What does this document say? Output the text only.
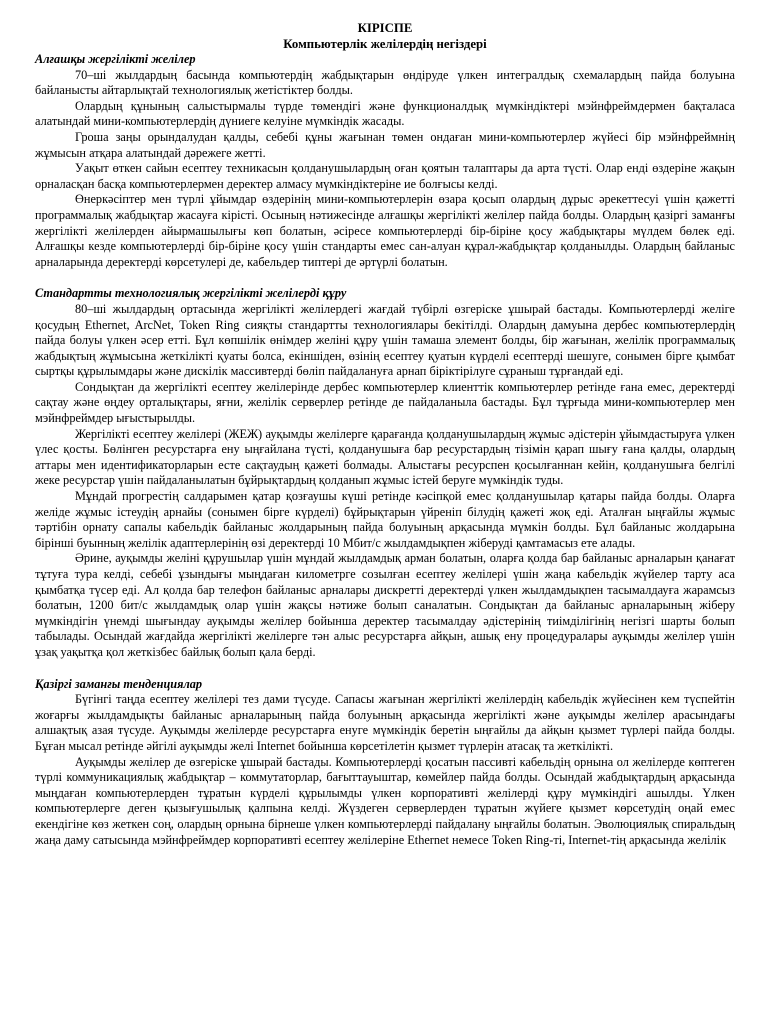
КІРІСПЕ

Компьютерлік желілердің негіздері

Алғашқы жергілікті желілер

70–шi жылдардың басында компьютердің жабдықтарын өндiруде үлкен интегралдық схемалардың пайда болуына байланысты айтарлықтай технологиялық жетiстiктер болды.

Олардың құнының салыстырмалы түрде төмендiгi және функционалдық мүмкiндiктерi мэйнфреймдермен бақталаса алатындай мини-компьютерлердiң дүниеге келуiне мүмкiндiк жасады.

Гроша заңы орындалудан қалды, себебi құны жағынан төмен ондаған мини-компьютерлер жүйесi бiр мэйнфреймнiң жұмысын атқара алатындай дәрежеге жеттi.

Уақыт өткен сайын есептеу техникасын қолданушылардың оған қоятын талаптары да арта түстi. Олар енді өздеріне жақын орналасқан басқа компьютерлермен деректер алмасу мүмкіндіктеріне ие болғысы келді.

Өнеркәсiптер мен түрлi ұйымдар өздерiнiң мини-компьютерлерiн өзара қосып олардың дұрыс әрекеттесуi үшiн қажеттi программалық жабдықтар жасауға кiрiстi. Осының нәтижесiнде алғашқы жергiлiктi желiлер пайда болды. Олардың қазiргi заманғы жергiлiктi желiлерден айырмашылығы көп болатын, әсiресе компьютерлердi бiр-бiрiне қосу жабдықтары мүлдем бөлек едi. Алғашқы кезде компьютерлердi бiр-бiрiне қосу үшiн стандарты емес сан-алуан құрал-жабдықтар қолданылды. Олардың байланыс арналарында деректердi көрсетулерi де, кабельдер типтерi де әртүрлi болатын.

Стандартты технологиялық жергiлiктi желiлердi құру

80–шi жылдардың ортасында жергiлiктi желiлердегi жағдай түбiрлi өзгерiске ұшырай бастады. Компьютерлердi желiге қосудың Ethernet, ArcNet, Token Ring сияқты стандартты технологиялары бекiтiлдi. Олардың дамуына дербес компьютерлердiң пайда болуы үлкен әсер еттi. Бұл көпшiлiк өнiмдер желiнi құру үшiн тамаша элемент болды, бiр жағынан, желiлiк программалық жабдықтың жұмысына жеткiлiктi қуаты болса, екiншiден, өзiнiң есептеу қуатын күрделi есептердi шешуге, сонымен бiрге қымбат сыртқы құрылымдары және дискiлiк массивтердi бөлiп пайдалануға арнап бiрiктiрiлуге сұраныш тұрғандай едi.

Сондықтан да жергiлiктi есептеу желiлерiнде дербес компьютерлер клиенттiк компьютерлер ретiнде ғана емес, деректердi сақтау және өңдеу орталықтары, яғни, желiлiк серверлер ретiнде де пайдаланыла бастады. Бұл тұрғыда мини-компьютерлер мен мэйнфреймдер ығыстырылды.

Жергiлiктi есептеу желiлерi (ЖЕЖ) ауқымды желiлерге қарағанда қолданушылардың жұмыс әдiстерiн ұйымдастыруға үлкен үлес қосты. Бөлiнген ресурстарға ену ыңғайлана түстi, қолданушыға бар ресурстардың тiзiмiн қарап шығу ғана қалды, олардың аттары мен идентификаторларын есте сақтаудың қажетi болмады. Алыстағы ресурспен қосылғаннан кейiн, қолданушыға белгiлi жеке ресурстар үшiн пайдаланылатын бұйрықтардың қолданып жұмыс iстей беруге мүмкiндiк туды.

Мұндай прогрестiң салдарымен қатар қозғаушы күшi ретiнде кәсiпқой емес қолданушылар қатары пайда болды. Оларға желiде жұмыс iстеудiң арнайы (сонымен бiрге күрделi) бұйрықтарын үйренiп бiлудiң қажетi жоқ едi. Аталған ыңғайлы жұмыс тәртiбiн орнату сапалы кабельдiк байланыс жолдарының пайда болуының арқасында мүмкiн болды. Бұл байланыс жолдарына бiрiншi буынның желiлiк адаптерлерiнiң өзi деректердi 10 Мбит/с жылдамдықпен жiберудi қамтамасыз ете алады.

Әрине, ауқымды желiнi құрушылар үшiн мұндай жылдамдық арман болатын, оларға қолда бар байланыс арналарын қанағат тұтуға тура келдi, себебi ұзындығы мыңдаған километрге созылған есептеу желiлерi үшiн жаңа кабельдiк жүйелер тарту аса қымбатқа түсер едi. Ал қолда бар телефон байланыс арналары дискреттi деректердi үлкен жылдамдықпен тасымалдауға жарамсыз болатын, 1200 бит/с жылдамдық олар үшiн жақсы нәтиже болып саналатын. Сондықтан да байланыс арналарының жiберу мүмкiндiгiн үнемдi шығындау ауқымды желiлер бойынша деректер тасымалдау әдiстерiнiң тиiмдiлiгiнiң негiзгi шарты болып табылады. Осындай жағдайда жергiлiктi желiлерге тән алыс ресурстарға айқын, ашық ену процедуралары ауқымды желiлер үшiн ұзақ уақытқа қол жеткiзбес байлық болып қала бердi.

Қазiргi заманғы тенденциялар

Бүгiнгi таңда есептеу желiлерi тез дами түсуде. Сапасы жағынан жергiлiктi желiлердiң кабельдiк жүйесiнен кем түспейтiн жоғарғы жылдамдықты байланыс арналарының пайда болуының арқасында жергiлiктi және ауқымды желiлер арасындағы алшақтық азая түсуде. Ауқымды желiлерде ресурстарға енуге мүмкiндiк беретiн ыңғайлы да айқын қызмет түрлерi пайда болды. Бұған мысал ретiнде әйгiлi ауқымды желi Internet бойынша көрсетiлетiн қызмет түрлерiн атасақ та жеткiлiктi.

Ауқымды желiлер де өзгерiске ұшырай бастады. Компьютерлердi қосатын пассивтi кабельдiң орнына ол желiлерде көптеген түрлi коммуникациялық жабдықтар – коммутаторлар, бағыттауыштар, көмейлер пайда болды. Осындай жабдықтардың арқасында мыңдаған компьютерлерден тұратын күрделi құрылымды үлкен корпоративтi желiлердi құру мүмкiндiгi ашылды. Үлкен компьютерлерге деген қызығушылық қалпына келдi. Жүздеген серверлерден тұратын жүйеге қызмет көрсетудiң оңай емес екендiгiне көз жеткен соң, олардың орнына бiрнеше үлкен компьютерлердi пайдалану ыңғайлы болатын. Эволюциялық спиральдың жаңа даму сатысында мэйнфреймдер корпоративтi есептеу желiлерiне Ethernet немесе Token Ring-тi, Internet-тiң арқасында желiлiк
